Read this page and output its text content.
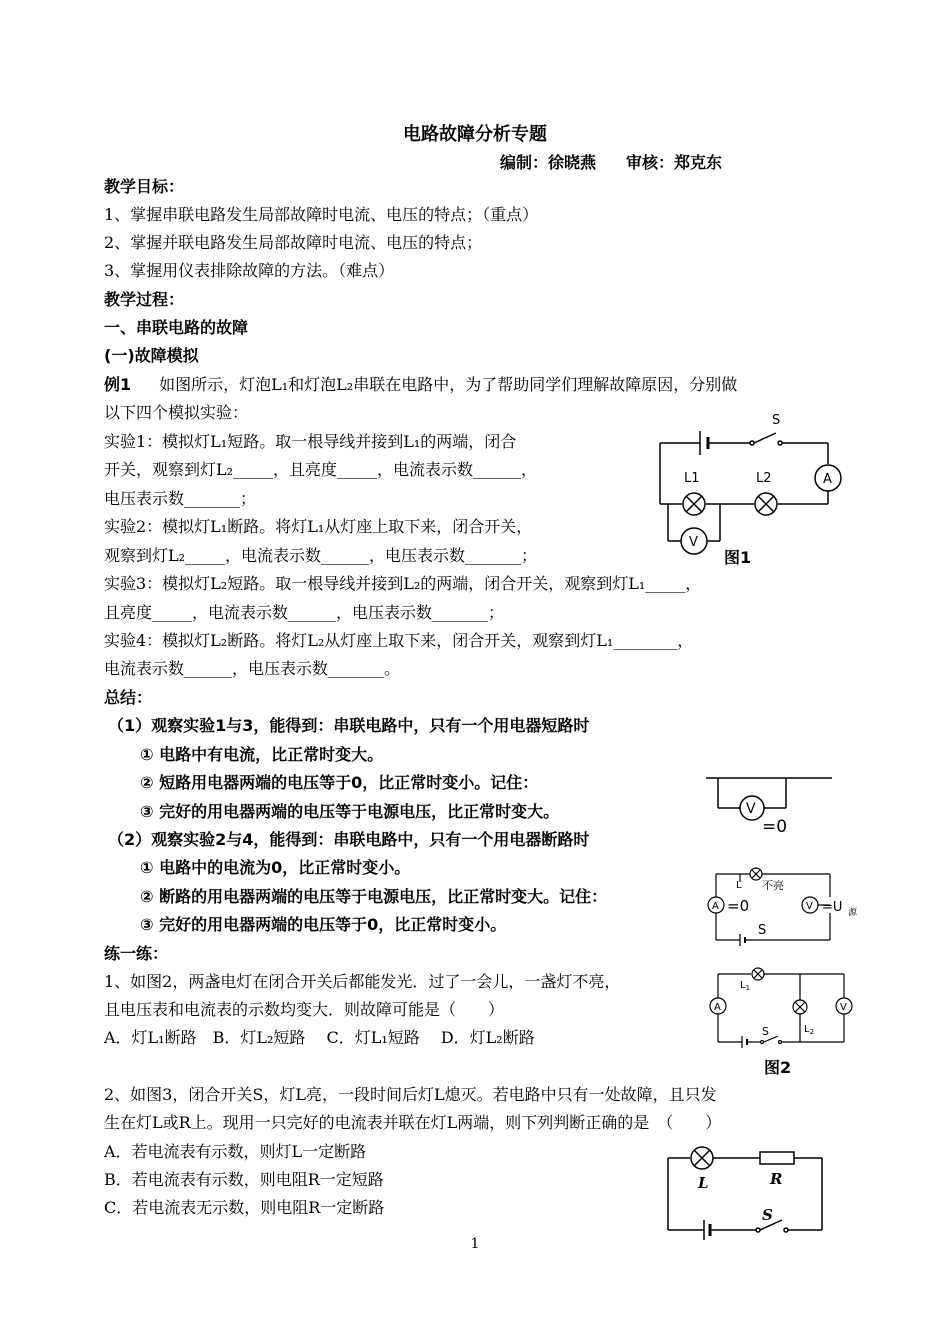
电路故障分析专题
编制：徐晓燕 审核：郑克东
教学目标：
1、掌握串联电路发生局部故障时电流、电压的特点；（重点）
2、掌握并联电路发生局部故障时电流、电压的特点；
3、掌握用仪表排除故障的方法。（难点）
教学过程：
一、串联电路的故障
(一)故障模拟
例1 如图所示，灯泡L₁和灯泡L₂串联在电路中，为了帮助同学们理解故障原因，分别做
以下四个模拟实验：
实验1：模拟灯L₁短路。取一根导线并接到L₁的两端，闭合
开关，观察到灯L₂_____，且亮度_____，电流表示数______，
电压表示数_______；
实验2：模拟灯L₁断路。将灯L₁从灯座上取下来，闭合开关，
观察到灯L₂_____，电流表示数______，电压表示数_______；
实验3：模拟灯L₂短路。取一根导线并接到L₂的两端，闭合开关，观察到灯L₁_____，
且亮度_____，电流表示数______，电压表示数_______；
实验4：模拟灯L₂断路。将灯L₂从灯座上取下来，闭合开关，观察到灯L₁________，
电流表示数______，电压表示数_______。
总结：
（1）观察实验1与3，能得到：串联电路中，只有一个用电器短路时
① 电路中有电流，比正常时变大。
② 短路用电器两端的电压等于0，比正常时变小。记住：
③ 完好的用电器两端的电压等于电源电压，比正常时变大。
（2）观察实验2与4，能得到：串联电路中，只有一个用电器断路时
① 电路中的电流为0，比正常时变小。
② 断路的用电器两端的电压等于电源电压，比正常时变大。记住：
③ 完好的用电器两端的电压等于0，比正常时变小。
练一练：
1、如图2，两盏电灯在闭合开关后都能发光．过了一会儿，一盏灯不亮，
且电压表和电流表的示数均变大．则故障可能是（　　）
A．灯L₁断路　B．灯L₂短路　 C．灯L₁短路　 D．灯L₂断路
2、如图3，闭合开关S，灯L亮，一段时间后灯L熄灭。若电路中只有一处故障，且只发
生在灯L或R上。现用一只完好的电流表并联在灯L两端，则下列判断正确的是　（　　）
A．若电流表有示数，则灯L一定断路
B．若电流表有示数，则电阻R一定短路
C．若电流表无示数，则电阻R一定断路
S
L1	L2	A
V
图1
V
=0
L 不亮
A =0	V =U 源
S
$L_1$
$L_2$
A	V
S
图2
L	R
S
1
